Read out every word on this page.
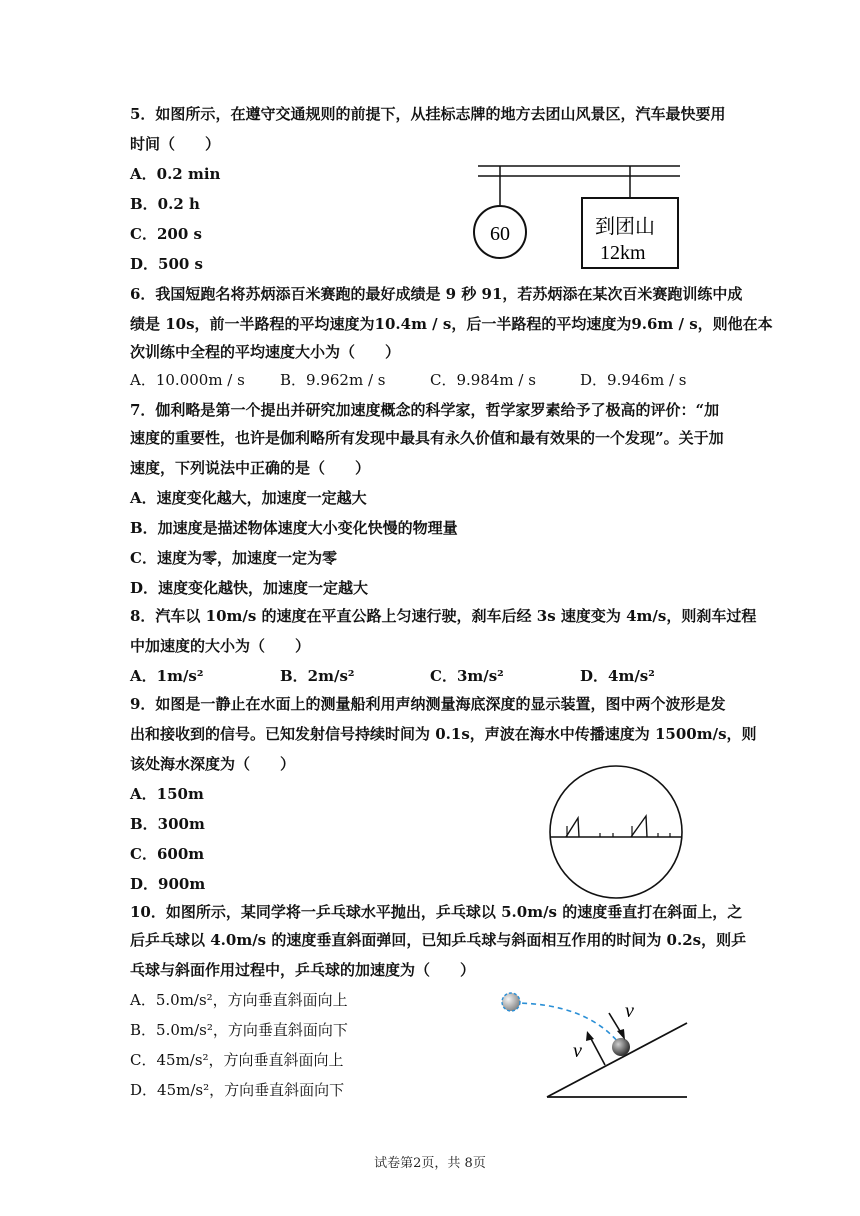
5．如图所示，在遵守交通规则的前提下，从挂标志牌的地方去团山风景区，汽车最快要用
时间（　　）
A．0.2 min
B．0.2 h
C．200 s
D．500 s
60	到团山
12km
6．我国短跑名将苏炳添百米赛跑的最好成绩是 9 秒 91，若苏炳添在某次百米赛跑训练中成
绩是 10s，前一半路程的平均速度为10.4m / s，后一半路程的平均速度为9.6m / s，则他在本
次训练中全程的平均速度大小为（　　）
A．10.000m / s B．9.962m / s	C．9.984m / s	D．9.946m / s
7．伽利略是第一个提出并研究加速度概念的科学家，哲学家罗素给予了极高的评价：“加
速度的重要性，也许是伽利略所有发现中最具有永久价值和最有效果的一个发现”。关于加
速度，下列说法中正确的是（　　）
A．速度变化越大，加速度一定越大
B．加速度是描述物体速度大小变化快慢的物理量
C．速度为零，加速度一定为零
D．速度变化越快，加速度一定越大
8．汽车以 10m/s 的速度在平直公路上匀速行驶，刹车后经 3s 速度变为 4m/s，则刹车过程
中加速度的大小为（　　）
A．1m/s²	B．2m/s²	C．3m/s²	D．4m/s²
9．如图是一静止在水面上的测量船利用声纳测量海底深度的显示装置，图中两个波形是发
出和接收到的信号。已知发射信号持续时间为 0.1s，声波在海水中传播速度为 1500m/s，则
该处海水深度为（　　）
A．150m
B．300m
C．600m
D．900m
10．如图所示，某同学将一乒乓球水平抛出，乒乓球以 5.0m/s 的速度垂直打在斜面上，之
后乒乓球以 4.0m/s 的速度垂直斜面弹回，已知乒乓球与斜面相互作用的时间为 0.2s，则乒
乓球与斜面作用过程中，乒乓球的加速度为（　　）
A．5.0m/s²，方向垂直斜面向上
B．5.0m/s²，方向垂直斜面向下
C．45m/s²，方向垂直斜面向上
D．45m/s²，方向垂直斜面向下
v
v
试卷第2页，共 8页
